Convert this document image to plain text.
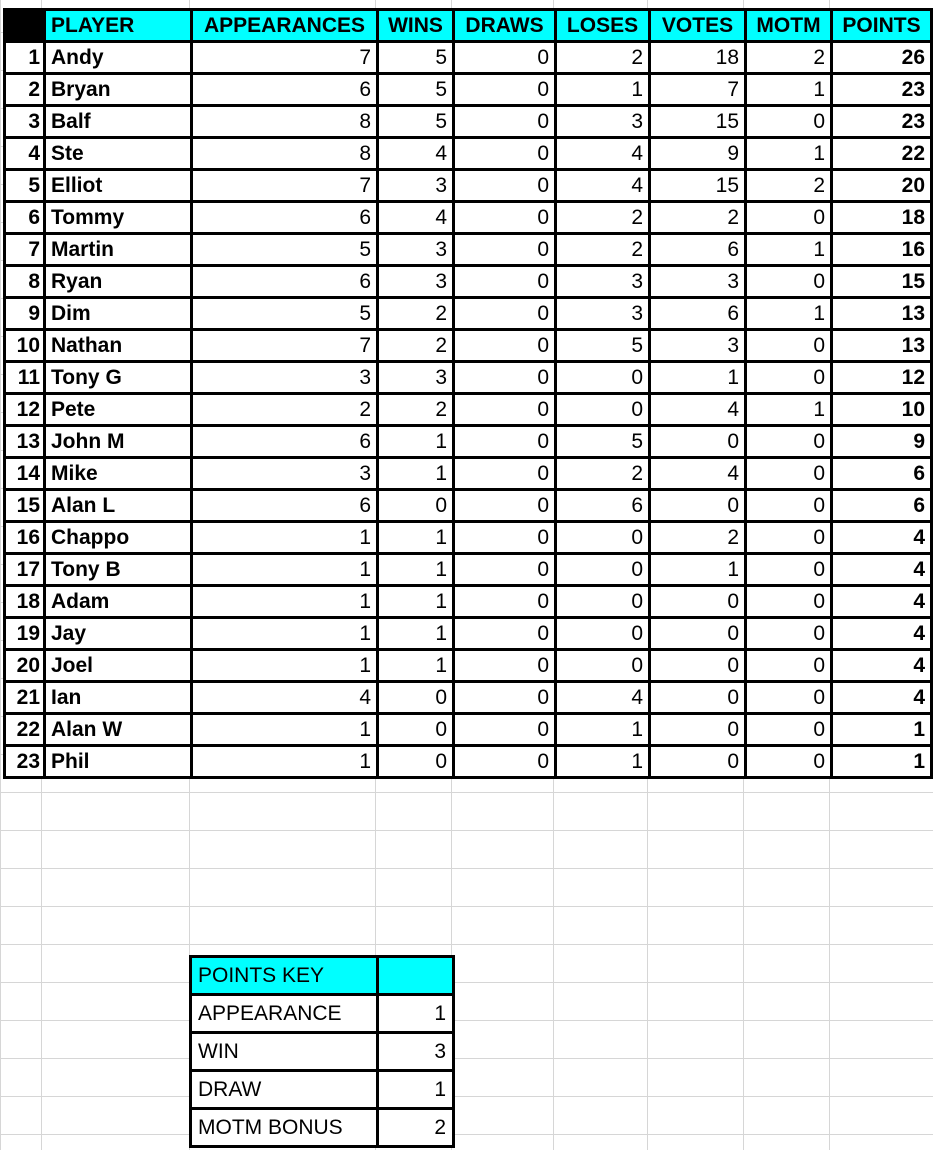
	PLAYER	APPEARANCES	WINS	DRAWS	LOSES	VOTES	MOTM	POINTS
1	Andy	7	5	0	2	18	2	26
2	Bryan	6	5	0	1	7	1	23
3	Balf	8	5	0	3	15	0	23
4	Ste	8	4	0	4	9	1	22
5	Elliot	7	3	0	4	15	2	20
6	Tommy	6	4	0	2	2	0	18
7	Martin	5	3	0	2	6	1	16
8	Ryan	6	3	0	3	3	0	15
9	Dim	5	2	0	3	6	1	13
10	Nathan	7	2	0	5	3	0	13
11	Tony G	3	3	0	0	1	0	12
12	Pete	2	2	0	0	4	1	10
13	John M	6	1	0	5	0	0	9
14	Mike	3	1	0	2	4	0	6
15	Alan L	6	0	0	6	0	0	6
16	Chappo	1	1	0	0	2	0	4
17	Tony B	1	1	0	0	1	0	4
18	Adam	1	1	0	0	0	0	4
19	Jay	1	1	0	0	0	0	4
20	Joel	1	1	0	0	0	0	4
21	Ian	4	0	0	4	0	0	4
22	Alan W	1	0	0	1	0	0	1
23	Phil	1	0	0	1	0	0	1
POINTS KEY	
APPEARANCE	1
WIN	3
DRAW	1
MOTM BONUS	2
